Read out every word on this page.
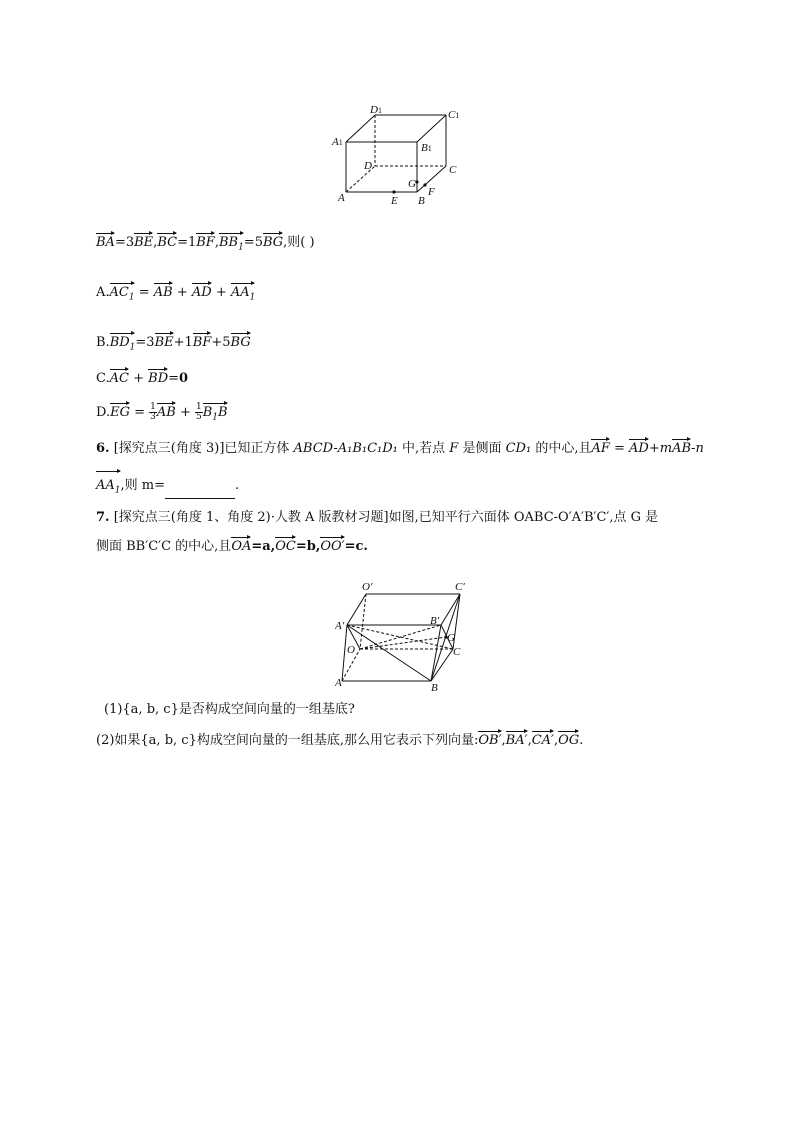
D1	C1
A1	B1
D	C
G
F
A	E B
$BA=3BE,BC=1BF,BB_1=5BG$,则( )
$A.AC_1$ = AB + AD + $AA_1$
$B.BD_1=3BE+1BF+5BG$
C.AC + BD=0
$D.EG = \frac{1}{3}$ AB + $\frac{1}{5} B_1B$
6. [探究点三(角度 3)]已知正方体 ABCD-A₁B₁C₁D₁ 中,若点 F 是侧面 CD₁ 的中心,且AF = AD+mAB-n
$AA_1$,则 m=	.
7. [探究点三(角度 1、角度 2)·人教 A 版教材习题]如图,已知平行六面体 OABC-O′A′B′C′,点 G 是
侧面 BB′C′C 的中心,且OA=a,OC=b,OO′=c.
O′	C′
A′	B′
G
O	C
A	B
(1){a, b, c}是否构成空间向量的一组基底?
(2)如果{a, b, c}构成空间向量的一组基底,那么用它表示下列向量:OB′,BA′,CA′,OG.
